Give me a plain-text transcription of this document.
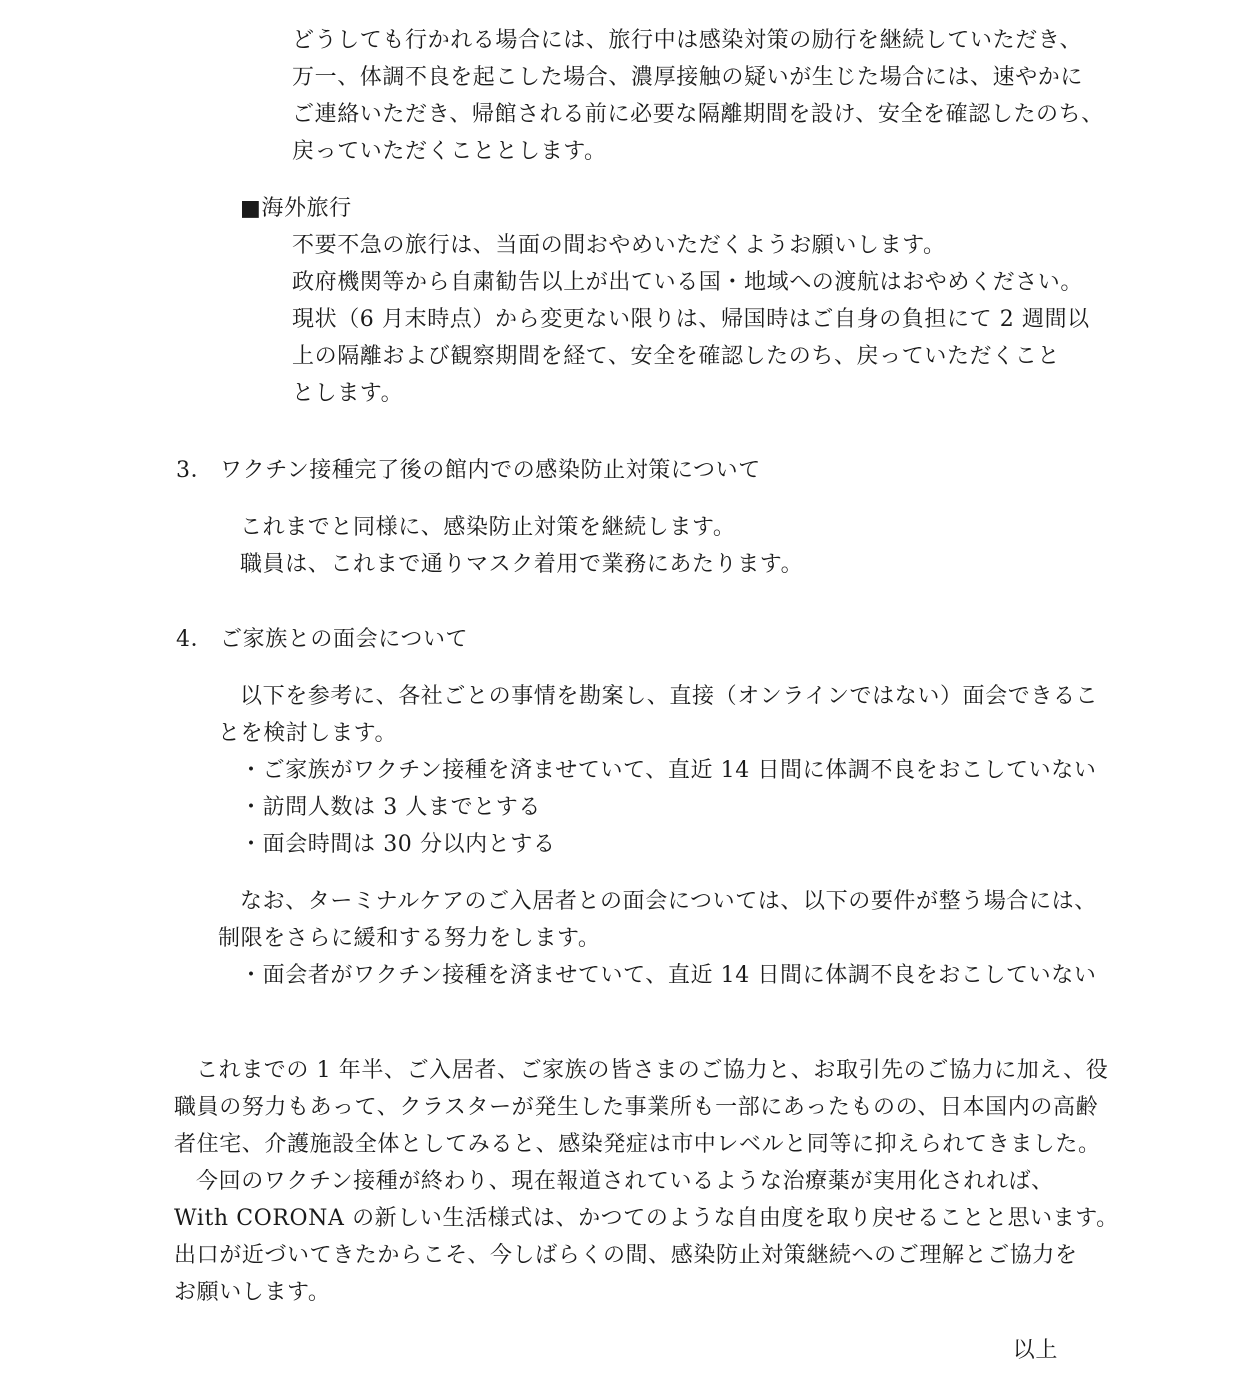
どうしても行かれる場合には、旅行中は感染対策の励行を継続していただき、
万一、体調不良を起こした場合、濃厚接触の疑いが生じた場合には、速やかに
ご連絡いただき、帰館される前に必要な隔離期間を設け、安全を確認したのち、
戻っていただくこととします。
■海外旅行
不要不急の旅行は、当面の間おやめいただくようお願いします。
政府機関等から自粛勧告以上が出ている国・地域への渡航はおやめください。
現状（6 月末時点）から変更ない限りは、帰国時はご自身の負担にて 2 週間以
上の隔離および観察期間を経て、安全を確認したのち、戻っていただくこと
とします。
3． ワクチン接種完了後の館内での感染防止対策について
これまでと同様に、感染防止対策を継続します。
職員は、これまで通りマスク着用で業務にあたります。
4． ご家族との面会について
以下を参考に、各社ごとの事情を勘案し、直接（オンラインではない）面会できるこ
とを検討します。
・ご家族がワクチン接種を済ませていて、直近 14 日間に体調不良をおこしていない
・訪問人数は 3 人までとする
・面会時間は 30 分以内とする
なお、ターミナルケアのご入居者との面会については、以下の要件が整う場合には、
制限をさらに緩和する努力をします。
・面会者がワクチン接種を済ませていて、直近 14 日間に体調不良をおこしていない
これまでの 1 年半、ご入居者、ご家族の皆さまのご協力と、お取引先のご協力に加え、役
職員の努力もあって、クラスターが発生した事業所も一部にあったものの、日本国内の高齢
者住宅、介護施設全体としてみると、感染発症は市中レベルと同等に抑えられてきました。
今回のワクチン接種が終わり、現在報道されているような治療薬が実用化されれば、
With CORONA の新しい生活様式は、かつてのような自由度を取り戻せることと思います。
出口が近づいてきたからこそ、今しばらくの間、感染防止対策継続へのご理解とご協力を
お願いします。
以上
